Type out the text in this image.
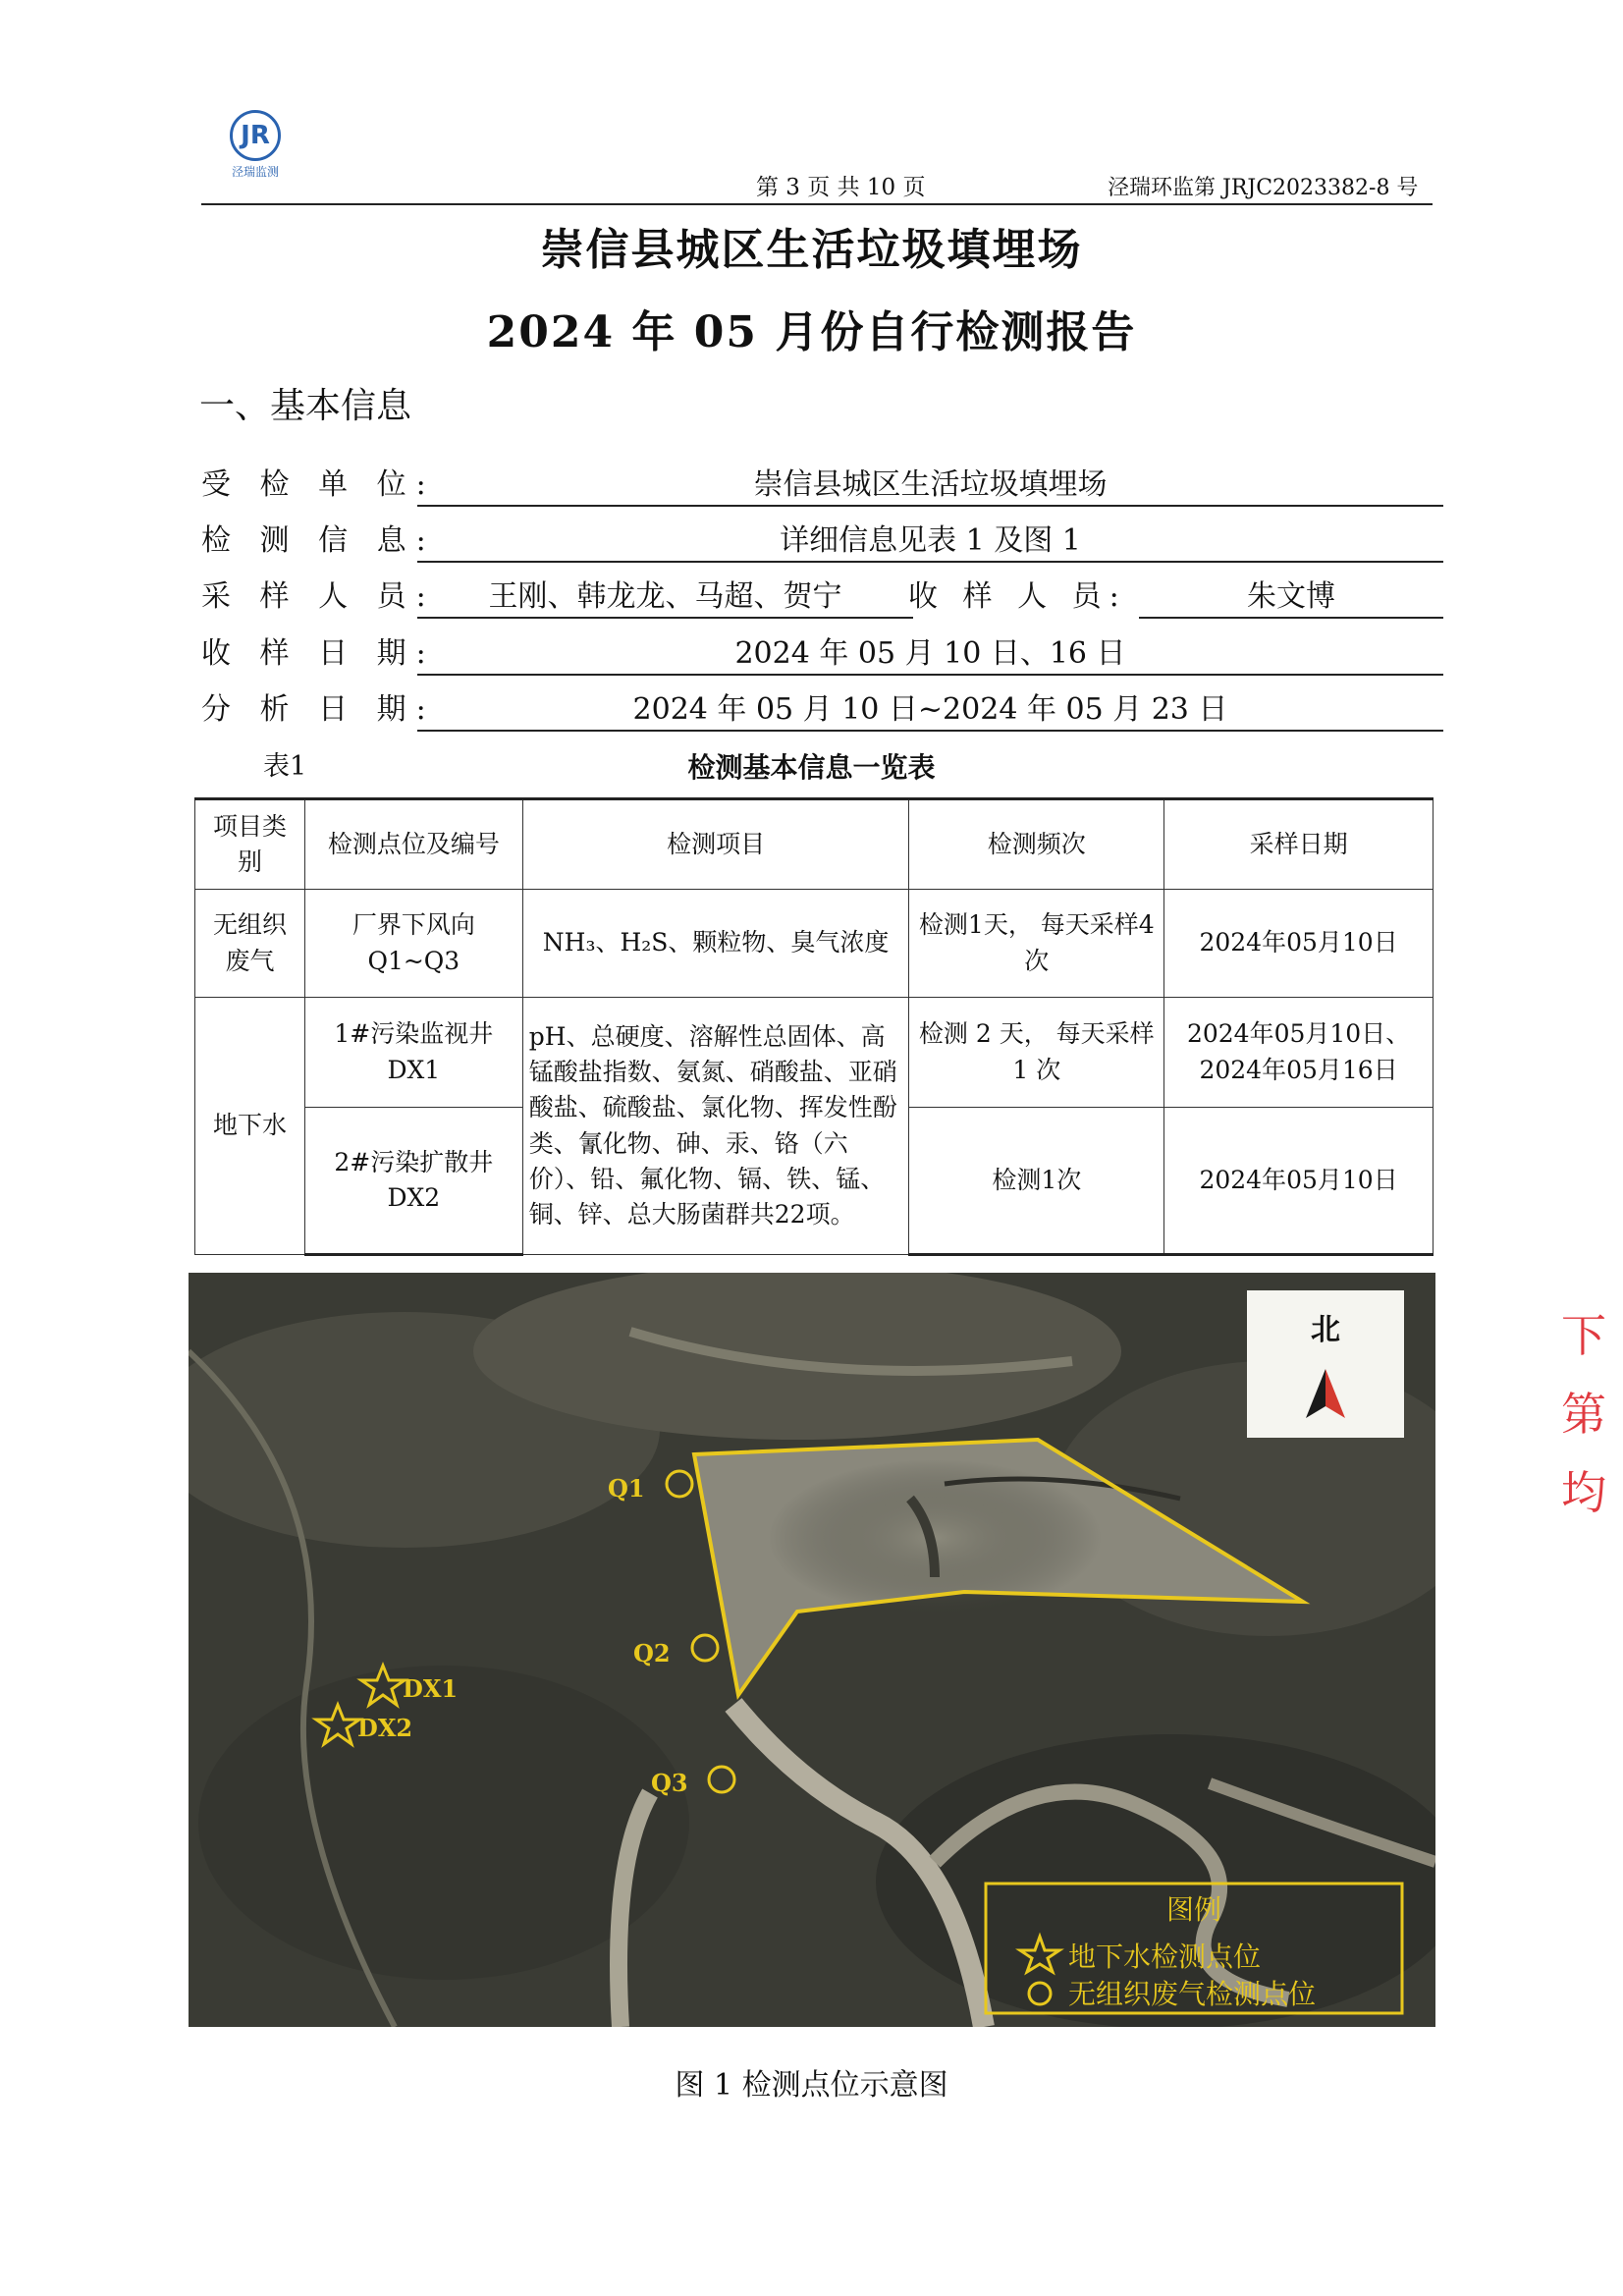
JR
泾瑞监测
第 3 页 共 10 页	泾瑞环监第 JRJC2023382-8 号
崇信县城区生活垃圾填埋场
2024 年 05 月份自行检测报告
一、基本信息
受 检 单 位:	崇信县城区生活垃圾填埋场
检 测 信 息:	详细信息见表 1 及图 1
采 样 人 员:	王刚、韩龙龙、马超、贺宁	收 样 人 员:	朱文博
收 样 日 期:	2024 年 05 月 10 日、16 日
分 析 日 期:	2024 年 05 月 10 日~2024 年 05 月 23 日
表1	检测基本信息一览表
项目类别	检测点位及编号	检测项目	检测频次	采样日期
无组织废气	厂界下风向 Q1~Q3	NH₃、H₂S、颗粒物、臭气浓度	检测1天， 每天采样4次	2024年05月10日
地下水	1#污染监视井 DX1	pH、总硬度、溶解性总固体、高锰酸盐指数、氨氮、硝酸盐、亚硝酸盐、硫酸盐、氯化物、挥发性酚类、氰化物、砷、汞、铬（六价）、铅、氟化物、镉、铁、锰、铜、锌、总大肠菌群共22项。	检测 2 天， 每天采样 1 次	2024年05月10日、 2024年05月16日
	2#污染扩散井 DX2		检测1次	2024年05月10日
北
Q1
Q2
Q3
DX1
DX2
图例
地下水检测点位
无组织废气检测点位
图 1 检测点位示意图
下
第
均
